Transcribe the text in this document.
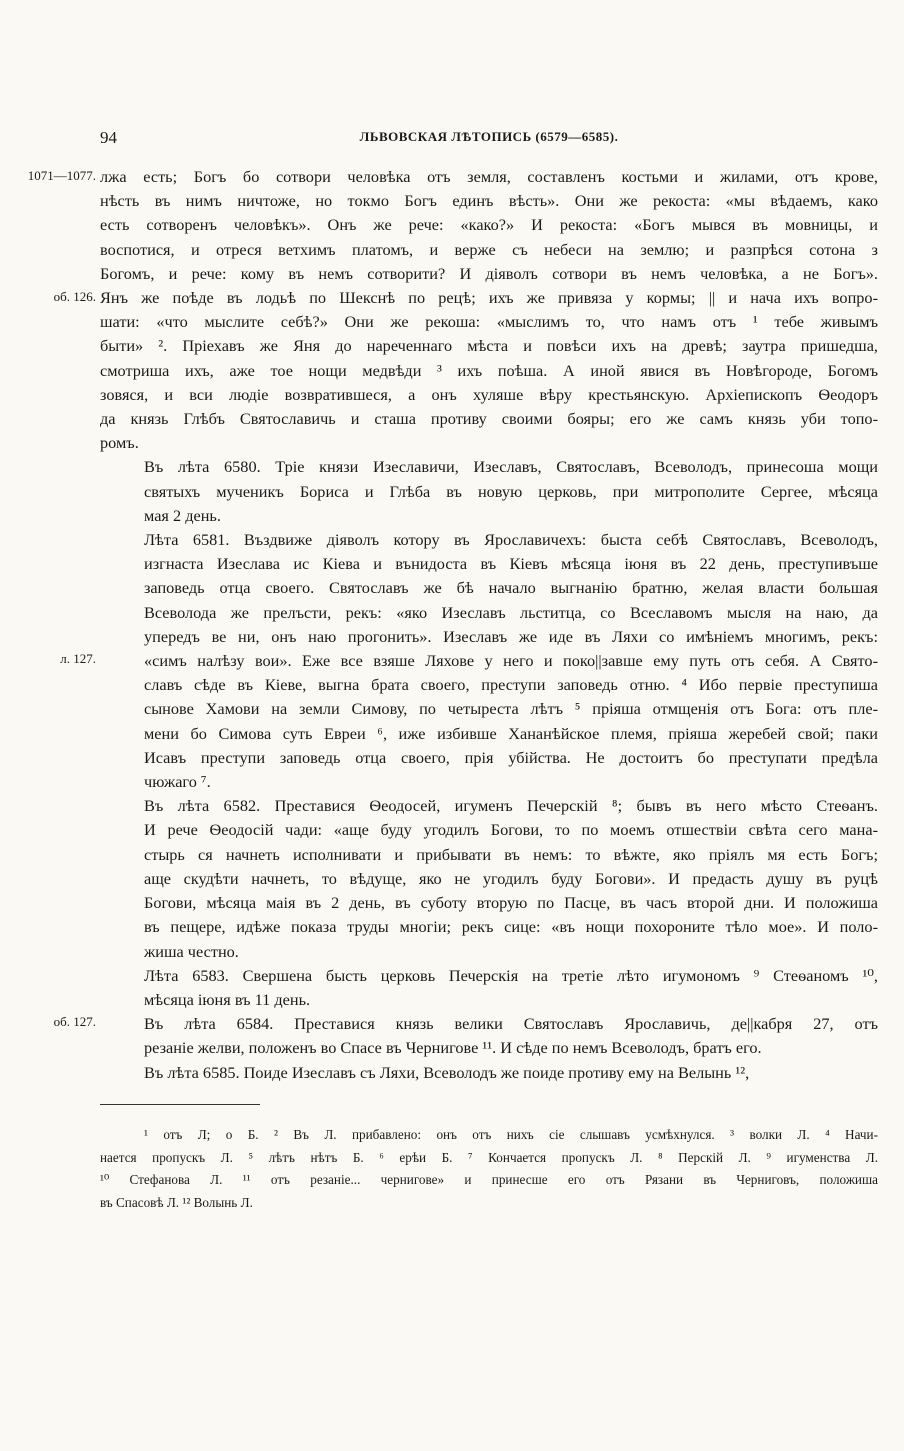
94	ЛЬВОВСКАЯ ЛѢТОПИСЬ (6579—6585).
1071—1077.
об. 126.
л. 127.
об. 127.

лжа есть; Богъ бо сотвори человѣка отъ земля, составленъ костьми и жилами, отъ крове,
нѣсть въ нимъ ничтоже, но токмо Богъ единъ вѣсть». Они же рекоста: «мы вѣдаемъ, како
есть сотворенъ человѣкъ». Онъ же рече: «како?» И рекоста: «Богъ мывся въ мовницы, и
воспотися, и отреся ветхимъ платомъ, и верже съ небеси на землю; и разпрѣся сотона з
Богомъ, и рече: кому въ немъ сотворити? И діяволъ сотвори въ немъ человѣка, а не Богъ».
Янъ же поѣде въ лодьѣ по Шекснѣ по рецѣ; ихъ же привяза у кормы; || и нача ихъ вопро-
шати: «что мыслите себѣ?» Они же рекоша: «мыслимъ то, что намъ отъ ¹ тебе живымъ
быти» ². Пріехавъ же Яня до нареченнаго мѣста и повѣси ихъ на древѣ; заутра пришедша,
смотриша ихъ, аже тое нощи медвѣди ³ ихъ поѣша. А иной явися въ Новѣгороде, Богомъ
зовяся, и вси людіе возвратившеся, а онъ хуляше вѣру крестьянскую. Архіепископъ Ѳеодоръ
да князь Глѣбъ Святославичь и сташа противу своими бояры; его же самъ князь уби топо-
ромъ.

Въ лѣта 6580. Тріе князи Изеславичи, Изеславъ, Святославъ, Всеволодъ, принесоша мощи
святыхъ мученикъ Бориса и Глѣба въ новую церковь, при митрополите Сергее, мѣсяца
мая 2 день.

Лѣта 6581. Въздвиже діяволъ котору въ Ярославичехъ: быста себѣ Святославъ, Всеволодъ,
изгнаста Изеслава ис Кіева и вънидоста въ Кіевъ мѣсяца іюня въ 22 день, преступивъше
заповедь отца своего. Святославъ же бѣ начало выгнанію братню, желая власти большая
Всеволода же прелъсти, рекъ: «яко Изеславъ льститца, со Всеславомъ мысля на наю, да
упередъ ве ни, онъ наю прогонить». Изеславъ же иде въ Ляхи со имѣніемъ многимъ, рекъ:
«симъ налѣзу вои». Еже все взяше Ляхове у него и поко||завше ему путь отъ себя. А Свято-
славъ сѣде въ Кіеве, выгна брата своего, преступи заповедь отню. ⁴ Ибо первіе преступиша
сынове Хамови на земли Симову, по четыреста лѣтъ ⁵ пріяша отмщенія отъ Бога: отъ пле-
мени бо Симова суть Евреи ⁶, иже избивше Хананѣйское племя, пріяша жеребей свой; паки
Исавъ преступи заповедь отца своего, прія убійства. Не достоитъ бо преступати предѣла
чюжаго ⁷.

Въ лѣта 6582. Преставися Ѳеодосей, игуменъ Печерскій ⁸; бывъ въ него мѣсто Стеѳанъ.
И рече Ѳеодосій чади: «аще буду угодилъ Богови, то по моемъ отшествіи свѣта сего мана-
стырь ся начнеть исполнивати и прибывати въ немъ: то вѣжте, яко пріялъ мя есть Богъ;
аще скудѣти начнеть, то вѣдуще, яко не угодилъ буду Богови». И предасть душу въ руцѣ
Богови, мѣсяца маія въ 2 день, въ суботу вторую по Пасце, въ часъ второй дни. И положиша
въ пещере, идѣже показа труды многіи; рекъ сице: «въ нощи похороните тѣло мое». И поло-
жиша честно.

Лѣта 6583. Свершена бысть церковь Печерскія на третіе лѣто игумономъ ⁹ Стеѳаномъ ¹⁰,
мѣсяца іюня въ 11 день.

Въ лѣта 6584. Преставися князь велики Святославъ Ярославичь, де||кабря 27, отъ
резаніе желви, положенъ во Спасе въ Чернигове ¹¹. И сѣде по немъ Всеволодъ, братъ его.

Въ лѣта 6585. Поиде Изеславъ съ Ляхи, Всеволодъ же поиде противу ему на Велынь ¹²,

¹ отъ Л; о Б. ² Въ Л. прибавлено: онъ отъ нихъ сіе слышавъ усмѣхнулся. ³ волки Л. ⁴ Начи-
нается пропускъ Л. ⁵ лѣтъ нѣтъ Б. ⁶ ерѣи Б. ⁷ Кончается пропускъ Л. ⁸ Перскій Л. ⁹ игуменства Л.
¹⁰ Стефанова Л. ¹¹ отъ резаніе... чернигове» и принесше его отъ Рязани въ Черниговъ, положиша
въ Спасовѣ Л. ¹² Волынь Л.
